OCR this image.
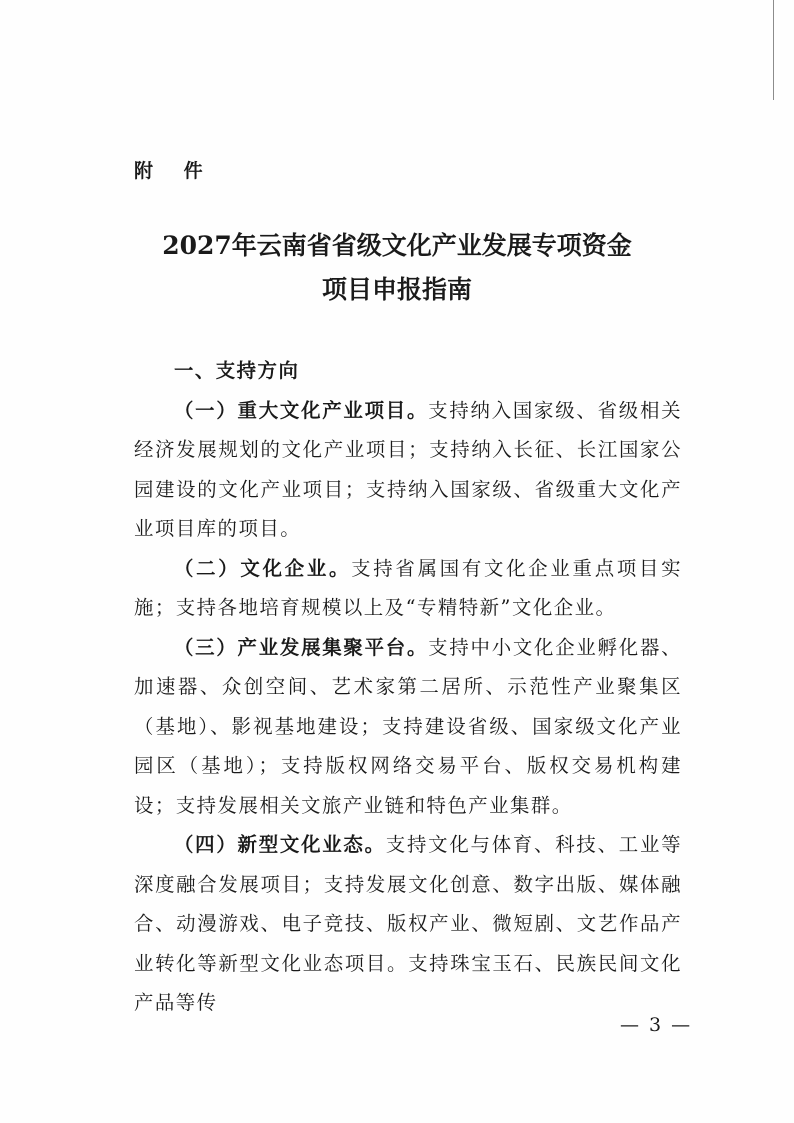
附 件
2027年云南省省级文化产业发展专项资金
项目申报指南

一、支持方向

（一）重大文化产业项目。支持纳入国家级、省级相关经济发展规划的文化产业项目；支持纳入长征、长江国家公园建设的文化产业项目；支持纳入国家级、省级重大文化产业项目库的项目。

（二）文化企业。支持省属国有文化企业重点项目实施；支持各地培育规模以上及“专精特新”文化企业。

（三）产业发展集聚平台。支持中小文化企业孵化器、加速器、众创空间、艺术家第二居所、示范性产业聚集区（基地）、影视基地建设；支持建设省级、国家级文化产业园区（基地）；支持版权网络交易平台、版权交易机构建设；支持发展相关文旅产业链和特色产业集群。

（四）新型文化业态。支持文化与体育、科技、工业等深度融合发展项目；支持发展文化创意、数字出版、媒体融合、动漫游戏、电子竞技、版权产业、微短剧、文艺作品产业转化等新型文化业态项目。支持珠宝玉石、民族民间文化产品等传

— 3 —
